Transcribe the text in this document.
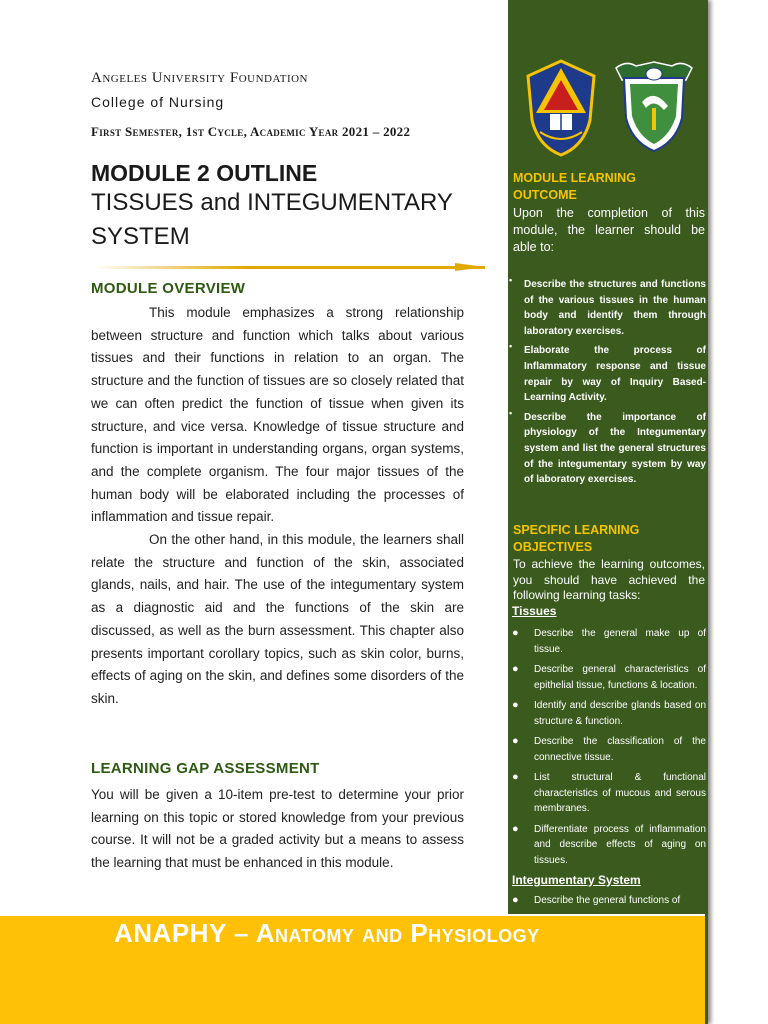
Angeles University Foundation
College of Nursing
First Semester, 1st Cycle, Academic Year 2021 – 2022
MODULE 2 OUTLINE
TISSUES and INTEGUMENTARY SYSTEM
MODULE OVERVIEW

This module emphasizes a strong relationship between structure and function which talks about various tissues and their functions in relation to an organ. The structure and the function of tissues are so closely related that we can often predict the function of tissue when given its structure, and vice versa. Knowledge of tissue structure and function is important in understanding organs, organ systems, and the complete organism. The four major tissues of the human body will be elaborated including the processes of inflammation and tissue repair.

On the other hand, in this module, the learners shall relate the structure and function of the skin, associated glands, nails, and hair. The use of the integumentary system as a diagnostic aid and the functions of the skin are discussed, as well as the burn assessment. This chapter also presents important corollary topics, such as skin color, burns, effects of aging on the skin, and defines some disorders of the skin.

LEARNING GAP ASSESSMENT

You will be given a 10-item pre-test to determine your prior learning on this topic or stored knowledge from your previous course. It will not be a graded activity but a means to assess the learning that must be enhanced in this module.

MODULE LEARNING OUTCOME
Upon the completion of this module, the learner should be able to:
• Describe the structures and functions of the various tissues in the human body and identify them through laboratory exercises.
• Elaborate the process of Inflammatory response and tissue repair by way of Inquiry Based-Learning Activity.
• Describe the importance of physiology of the Integumentary system and list the general structures of the integumentary system by way of laboratory exercises.
SPECIFIC LEARNING OBJECTIVES
To achieve the learning outcomes, you should have achieved the following learning tasks:
Tissues
● Describe the general make up of tissue.
● Describe general characteristics of epithelial tissue, functions & location.
● Identify and describe glands based on structure & function.
● Describe the classification of the connective tissue.
● List structural & functional characteristics of mucous and serous membranes.
● Differentiate process of inflammation and describe effects of aging on tissues.
Integumentary System
● Describe the general functions of
ANAPHY – Anatomy and Physiology
